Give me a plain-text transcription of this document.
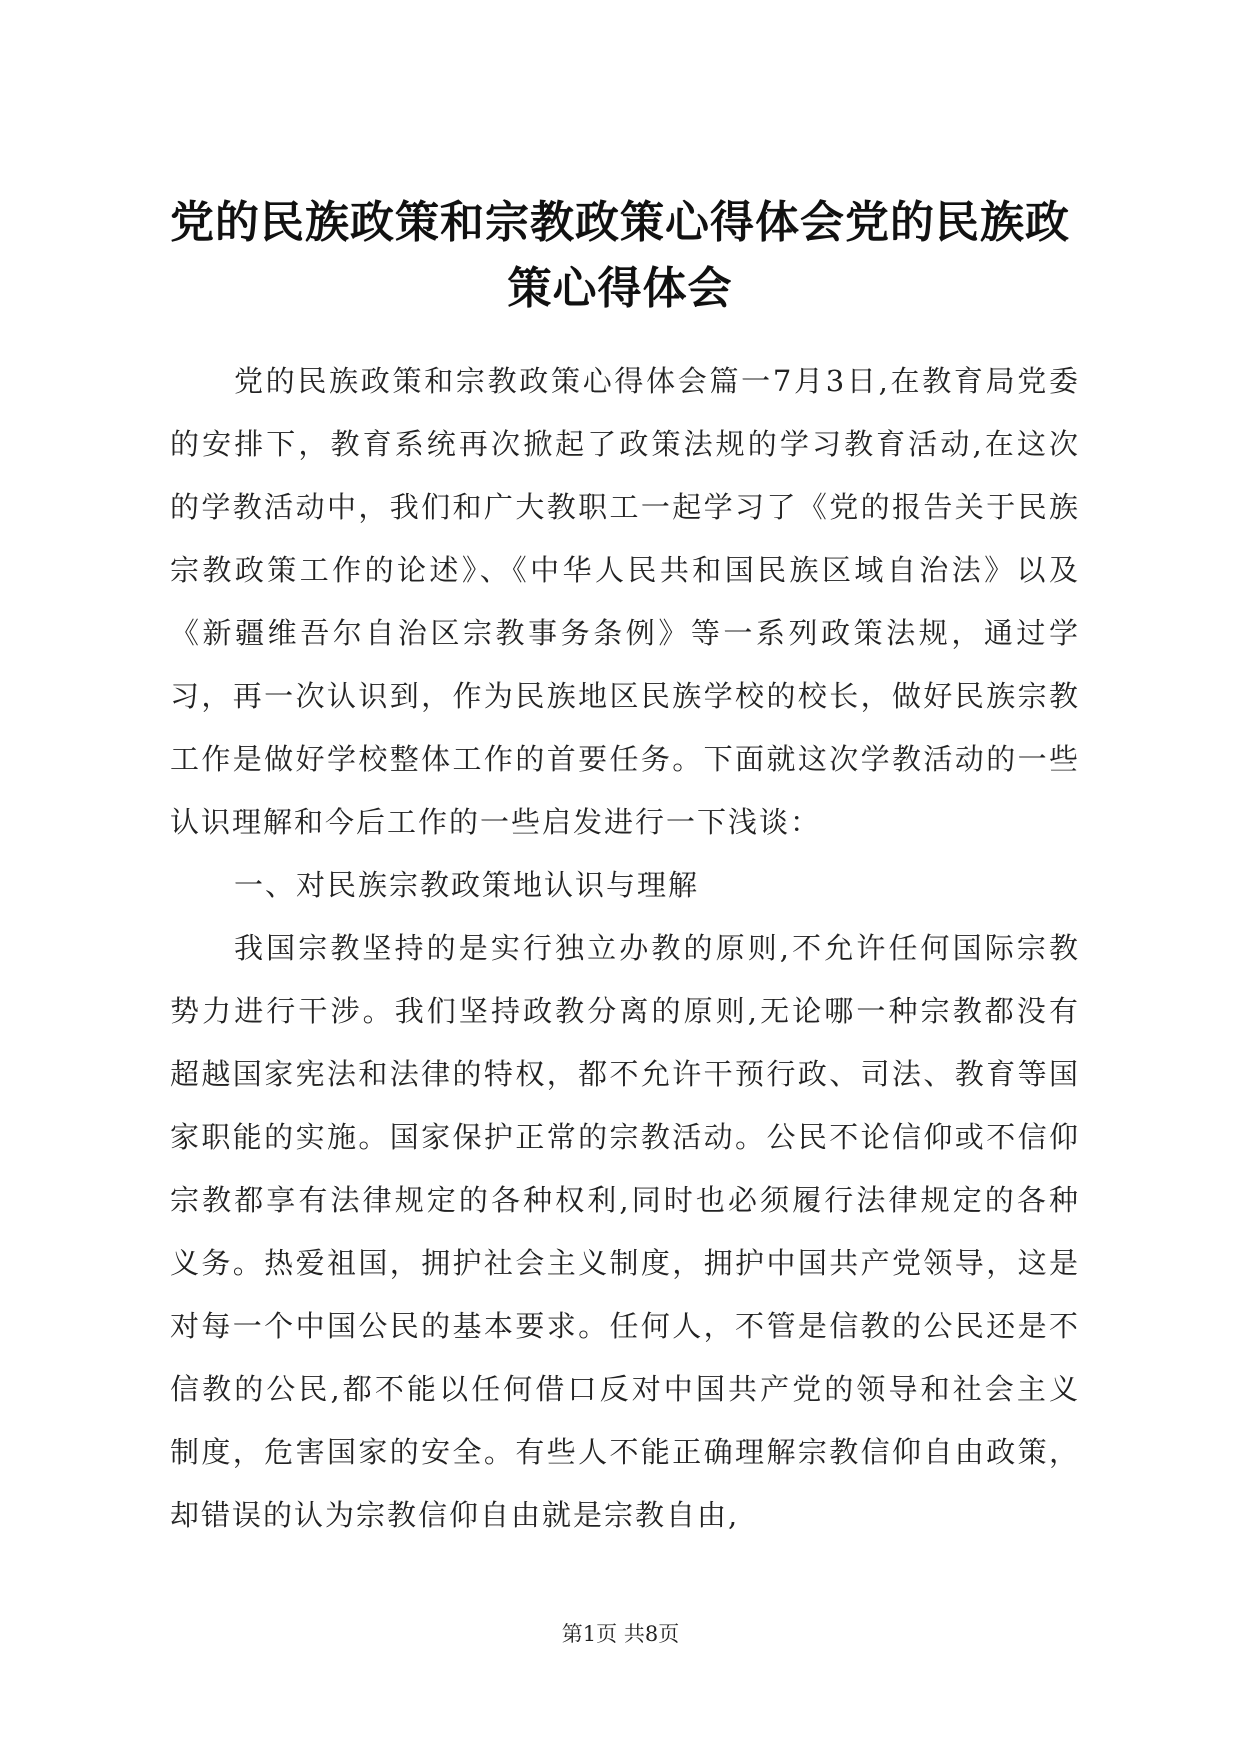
党的民族政策和宗教政策心得体会党的民族政策心得体会

党的民族政策和宗教政策心得体会篇一7月3日,在教育局党委的安排下，教育系统再次掀起了政策法规的学习教育活动,在这次的学教活动中，我们和广大教职工一起学习了《党的报告关于民族宗教政策工作的论述》、《中华人民共和国民族区域自治法》以及《新疆维吾尔自治区宗教事务条例》等一系列政策法规，通过学习，再一次认识到，作为民族地区民族学校的校长，做好民族宗教工作是做好学校整体工作的首要任务。下面就这次学教活动的一些认识理解和今后工作的一些启发进行一下浅谈：

一、对民族宗教政策地认识与理解

我国宗教坚持的是实行独立办教的原则,不允许任何国际宗教势力进行干涉。我们坚持政教分离的原则,无论哪一种宗教都没有超越国家宪法和法律的特权，都不允许干预行政、司法、教育等国家职能的实施。国家保护正常的宗教活动。公民不论信仰或不信仰宗教都享有法律规定的各种权利,同时也必须履行法律规定的各种义务。热爱祖国，拥护社会主义制度，拥护中国共产党领导，这是对每一个中国公民的基本要求。任何人，不管是信教的公民还是不信教的公民,都不能以任何借口反对中国共产党的领导和社会主义制度，危害国家的安全。有些人不能正确理解宗教信仰自由政策，却错误的认为宗教信仰自由就是宗教自由,

第1页 共8页
